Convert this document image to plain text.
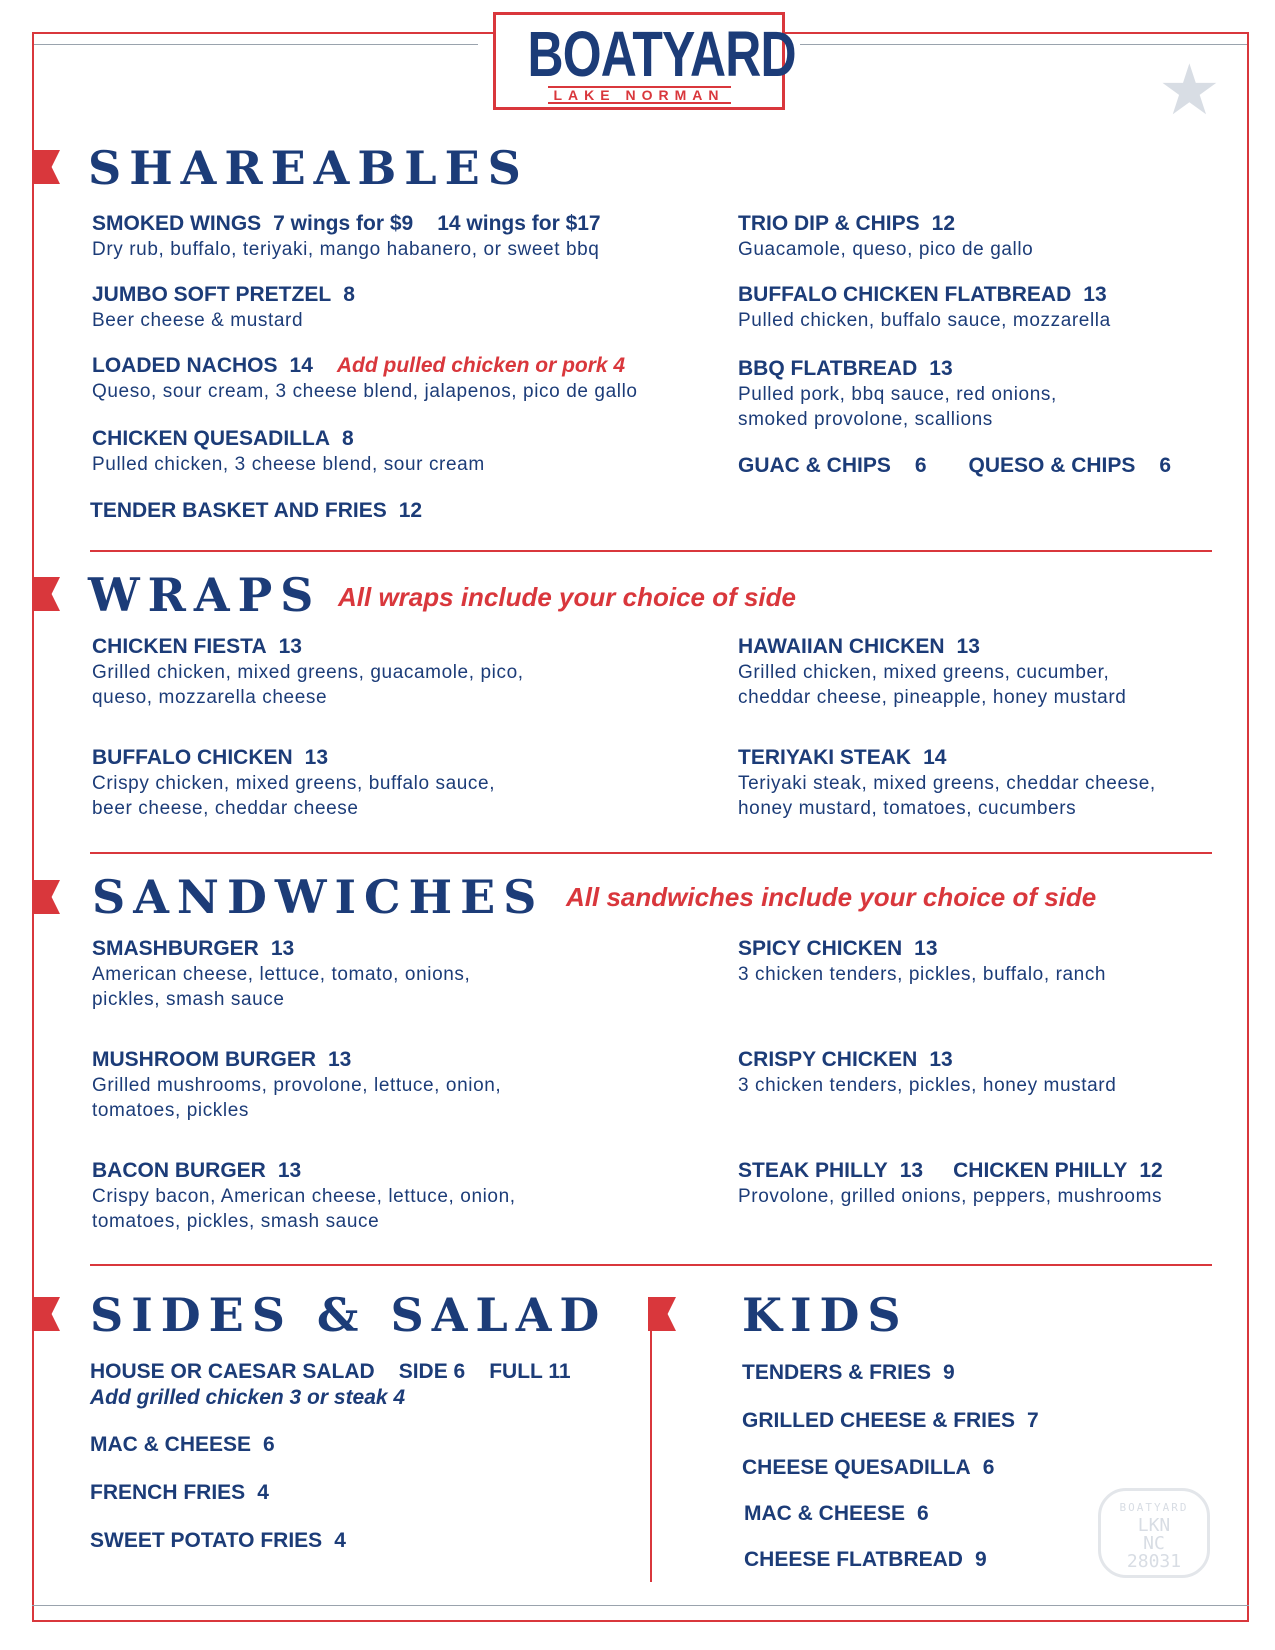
BOATYARD
LAKE NORMAN	★
SHAREABLES
SMOKED WINGS 7 wings for $9 14 wings for $17
Dry rub, buffalo, teriyaki, mango habanero, or sweet bbq
JUMBO SOFT PRETZEL 8
Beer cheese & mustard
LOADED NACHOS 14 Add pulled chicken or pork 4
Queso, sour cream, 3 cheese blend, jalapenos, pico de gallo
CHICKEN QUESADILLA 8
Pulled chicken, 3 cheese blend, sour cream
TENDER BASKET AND FRIES 12
TRIO DIP & CHIPS 12
Guacamole, queso, pico de gallo
BUFFALO CHICKEN FLATBREAD 13
Pulled chicken, buffalo sauce, mozzarella
BBQ FLATBREAD 13
Pulled pork, bbq sauce, red onions,
smoked provolone, scallions
GUAC & CHIPS 6 QUESO & CHIPS 6
WRAPS All wraps include your choice of side
CHICKEN FIESTA 13
Grilled chicken, mixed greens, guacamole, pico,
queso, mozzarella cheese
HAWAIIAN CHICKEN 13
Grilled chicken, mixed greens, cucumber,
cheddar cheese, pineapple, honey mustard
BUFFALO CHICKEN 13
Crispy chicken, mixed greens, buffalo sauce,
beer cheese, cheddar cheese
TERIYAKI STEAK 14
Teriyaki steak, mixed greens, cheddar cheese,
honey mustard, tomatoes, cucumbers
SANDWICHES All sandwiches include your choice of side
SMASHBURGER 13
American cheese, lettuce, tomato, onions,
pickles, smash sauce
SPICY CHICKEN 13
3 chicken tenders, pickles, buffalo, ranch
MUSHROOM BURGER 13
Grilled mushrooms, provolone, lettuce, onion,
tomatoes, pickles
CRISPY CHICKEN 13
3 chicken tenders, pickles, honey mustard
BACON BURGER 13
Crispy bacon, American cheese, lettuce, onion,
tomatoes, pickles, smash sauce
STEAK PHILLY 13 CHICKEN PHILLY 12
Provolone, grilled onions, peppers, mushrooms
SIDES & SALAD
HOUSE OR CAESAR SALAD SIDE 6 FULL 11
Add grilled chicken 3 or steak 4
MAC & CHEESE 6
FRENCH FRIES 4
SWEET POTATO FRIES 4
KIDS
TENDERS & FRIES 9
GRILLED CHEESE & FRIES 7
CHEESE QUESADILLA 6
MAC & CHEESE 6
CHEESE FLATBREAD 9
BOATYARD
LKN
NC
28031
